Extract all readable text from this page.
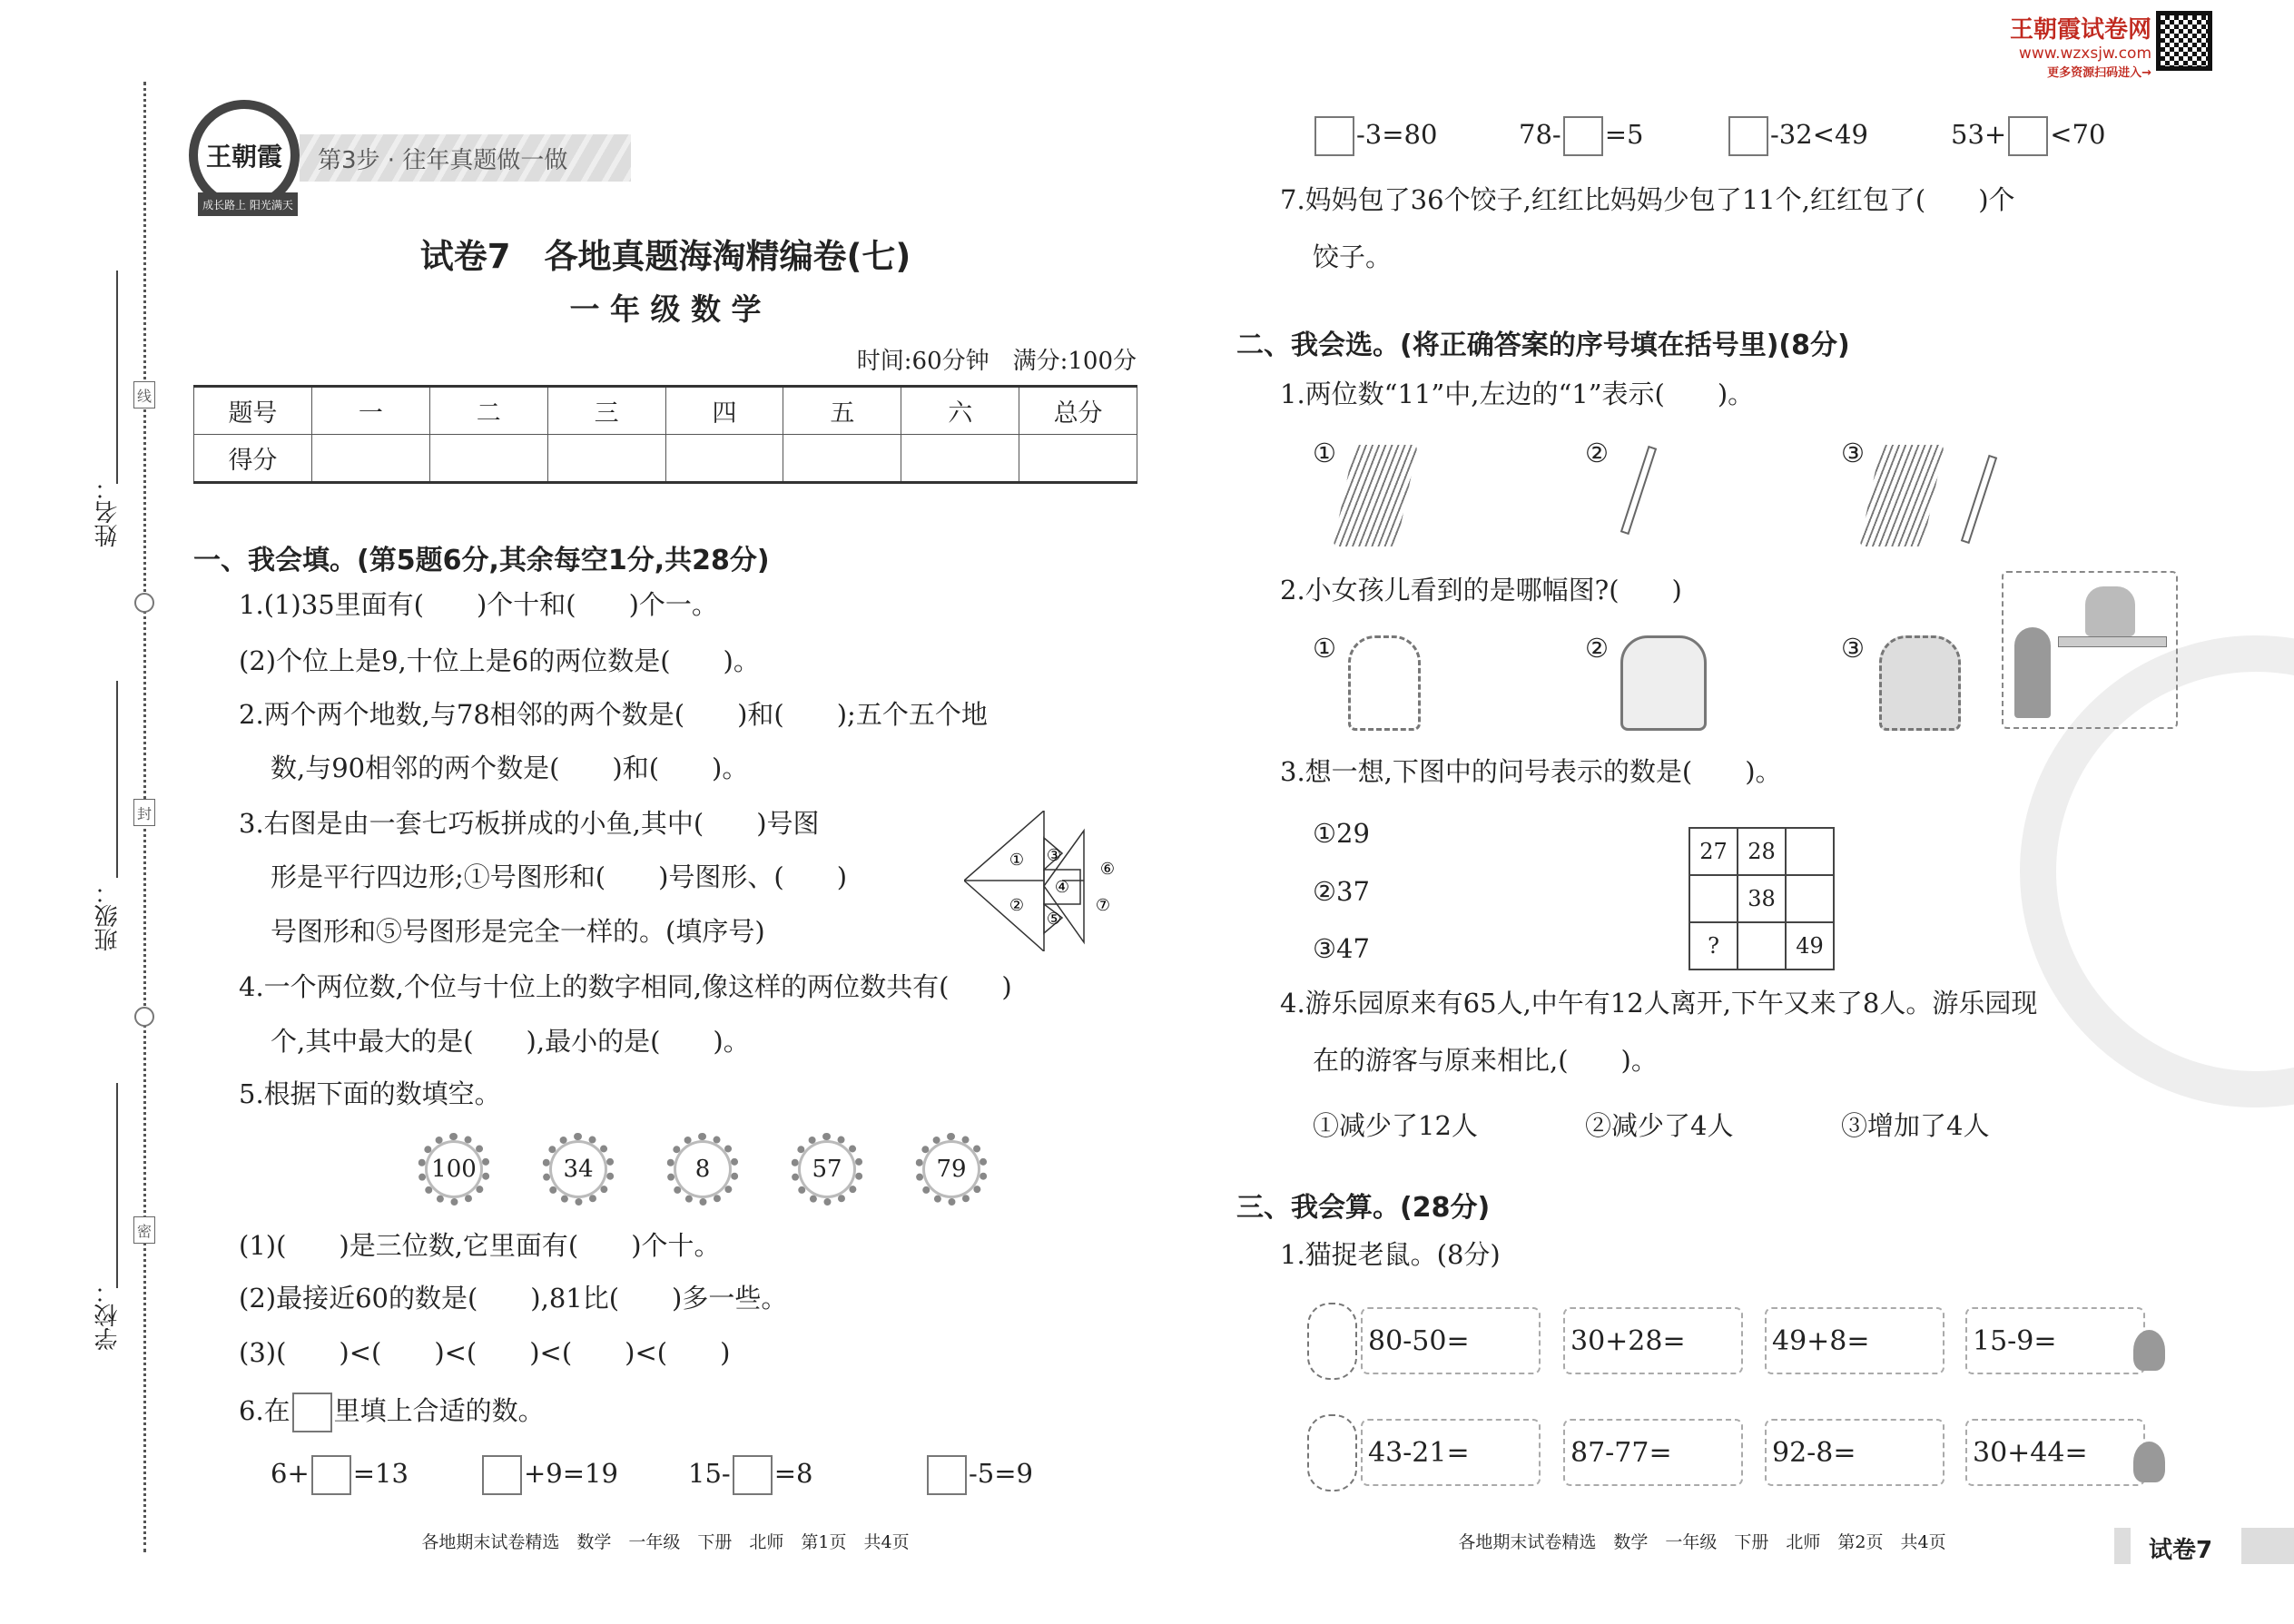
线
封
密
姓名：
班级：
学校：
第3步 · 往年真题做一做
王朝霞
成长路上 阳光满天
王朝霞试卷网
www.wzxsjw.com
更多资源扫码进入→
试卷7　各地真题海淘精编卷(七)
一 年 级 数 学
时间:60分钟　满分:100分
题号	一	二	三	四	五	六	总分
得分							
一、我会填。(第5题6分,其余每空1分,共28分)
1.(1)35里面有(　　)个十和(　　)个一。
(2)个位上是9,十位上是6的两位数是(　　)。
2.两个两个地数,与78相邻的两个数是(　　)和(　　);五个五个地
数,与90相邻的两个数是(　　)和(　　)。
3.右图是由一套七巧板拼成的小鱼,其中(　　)号图
形是平行四边形;①号图形和(　　)号图形、(　　)
号图形和⑤号图形是完全一样的。(填序号)
4.一个两位数,个位与十位上的数字相同,像这样的两位数共有(　　)
个,其中最大的是(　　),最小的是(　　)。
5.根据下面的数填空。
①
②
③
④
⑤
⑥
⑦
100	34	8	57	79
(1)(　　)是三位数,它里面有(　　)个十。
(2)最接近60的数是(　　),81比(　　)多一些。
(3)(　　)<(　　)<(　　)<(　　)<(　　)
6.在 里填上合适的数。
6+ =13	+9=19	15- =8	-5=9
各地期末试卷精选　数学　一年级　下册　北师　第1页　共4页
-3=80	78- =5	-32<49	53+ <70
7.妈妈包了36个饺子,红红比妈妈少包了11个,红红包了(　　)个
饺子。
二、我会选。(将正确答案的序号填在括号里)(8分)
1.两位数“11”中,左边的“1”表示(　　)。
①	②	③
2.小女孩儿看到的是哪幅图?(　　)
①	②	③
3.想一想,下图中的问号表示的数是(　　)。
①29
②37
③47
27	28	
	38	
?		49
4.游乐园原来有65人,中午有12人离开,下午又来了8人。游乐园现
在的游客与原来相比,(　　)。
①减少了12人	②减少了4人	③增加了4人
三、我会算。(28分)
1.猫捉老鼠。(8分)
80-50=	30+28=	49+8=	15-9=
43-21=	87-77=	92-8=	30+44=
各地期末试卷精选　数学　一年级　下册　北师　第2页　共4页	试卷7
